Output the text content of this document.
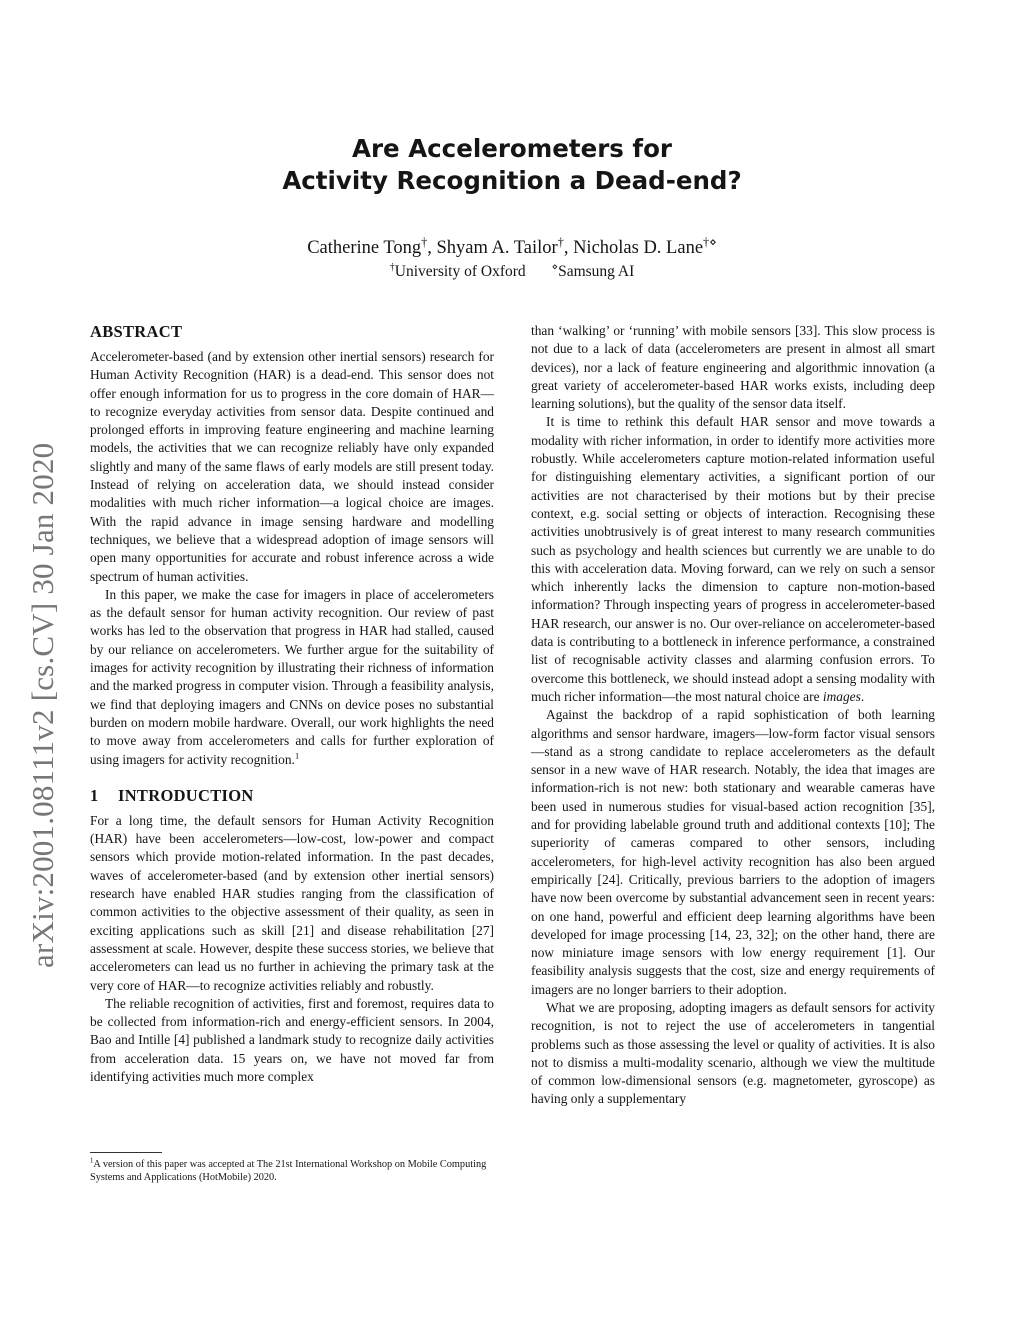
arXiv:2001.08111v2 [cs.CV] 30 Jan 2020
Are Accelerometers for
Activity Recognition a Dead-end?
Catherine Tong†, Shyam A. Tailor†, Nicholas D. Lane†⋄
†University of Oxford	⋄Samsung AI
ABSTRACT

Accelerometer-based (and by extension other inertial sensors) research for Human Activity Recognition (HAR) is a dead-end. This sensor does not offer enough information for us to progress in the core domain of HAR—to recognize everyday activities from sensor data. Despite continued and prolonged efforts in improving feature engineering and machine learning models, the activities that we can recognize reliably have only expanded slightly and many of the same flaws of early models are still present today. Instead of relying on acceleration data, we should instead consider modalities with much richer information—a logical choice are images. With the rapid advance in image sensing hardware and modelling techniques, we believe that a widespread adoption of image sensors will open many opportunities for accurate and robust inference across a wide spectrum of human activities.

In this paper, we make the case for imagers in place of accelerometers as the default sensor for human activity recognition. Our review of past works has led to the observation that progress in HAR had stalled, caused by our reliance on accelerometers. We further argue for the suitability of images for activity recognition by illustrating their richness of information and the marked progress in computer vision. Through a feasibility analysis, we find that deploying imagers and CNNs on device poses no substantial burden on modern mobile hardware. Overall, our work highlights the need to move away from accelerometers and calls for further exploration of using imagers for activity recognition.$^1$

1 INTRODUCTION

For a long time, the default sensors for Human Activity Recognition (HAR) have been accelerometers—low-cost, low-power and compact sensors which provide motion-related information. In the past decades, waves of accelerometer-based (and by extension other inertial sensors) research have enabled HAR studies ranging from the classification of common activities to the objective assessment of their quality, as seen in exciting applications such as skill [21] and disease rehabilitation [27] assessment at scale. However, despite these success stories, we believe that accelerometers can lead us no further in achieving the primary task at the very core of HAR—to recognize activities reliably and robustly.

The reliable recognition of activities, first and foremost, requires data to be collected from information-rich and energy-efficient sensors. In 2004, Bao and Intille [4] published a landmark study to recognize daily activities from acceleration data. 15 years on, we have not moved far from identifying activities much more complex

than ‘walking’ or ‘running’ with mobile sensors [33]. This slow process is not due to a lack of data (accelerometers are present in almost all smart devices), nor a lack of feature engineering and algorithmic innovation (a great variety of accelerometer-based HAR works exists, including deep learning solutions), but the quality of the sensor data itself.

It is time to rethink this default HAR sensor and move towards a modality with richer information, in order to identify more activities more robustly. While accelerometers capture motion-related information useful for distinguishing elementary activities, a significant portion of our activities are not characterised by their motions but by their precise context, e.g. social setting or objects of interaction. Recognising these activities unobtrusively is of great interest to many research communities such as psychology and health sciences but currently we are unable to do this with acceleration data. Moving forward, can we rely on such a sensor which inherently lacks the dimension to capture non-motion-based information? Through inspecting years of progress in accelerometer-based HAR research, our answer is no. Our over-reliance on accelerometer-based data is contributing to a bottleneck in inference performance, a constrained list of recognisable activity classes and alarming confusion errors. To overcome this bottleneck, we should instead adopt a sensing modality with much richer information—the most natural choice are images.

Against the backdrop of a rapid sophistication of both learning algorithms and sensor hardware, imagers—low-form factor visual sensors—stand as a strong candidate to replace accelerometers as the default sensor in a new wave of HAR research. Notably, the idea that images are information-rich is not new: both stationary and wearable cameras have been used in numerous studies for visual-based action recognition [35], and for providing labelable ground truth and additional contexts [10]; The superiority of cameras compared to other sensors, including accelerometers, for high-level activity recognition has also been argued empirically [24]. Critically, previous barriers to the adoption of imagers have now been overcome by substantial advancement seen in recent years: on one hand, powerful and efficient deep learning algorithms have been developed for image processing [14, 23, 32]; on the other hand, there are now miniature image sensors with low energy requirement [1]. Our feasibility analysis suggests that the cost, size and energy requirements of imagers are no longer barriers to their adoption.

What we are proposing, adopting imagers as default sensors for activity recognition, is not to reject the use of accelerometers in tangential problems such as those assessing the level or quality of activities. It is also not to dismiss a multi-modality scenario, although we view the multitude of common low-dimensional sensors (e.g. magnetometer, gyroscope) as having only a supplementary

$^1$A version of this paper was accepted at The 21st International Workshop on Mobile Computing Systems and Applications (HotMobile) 2020.
